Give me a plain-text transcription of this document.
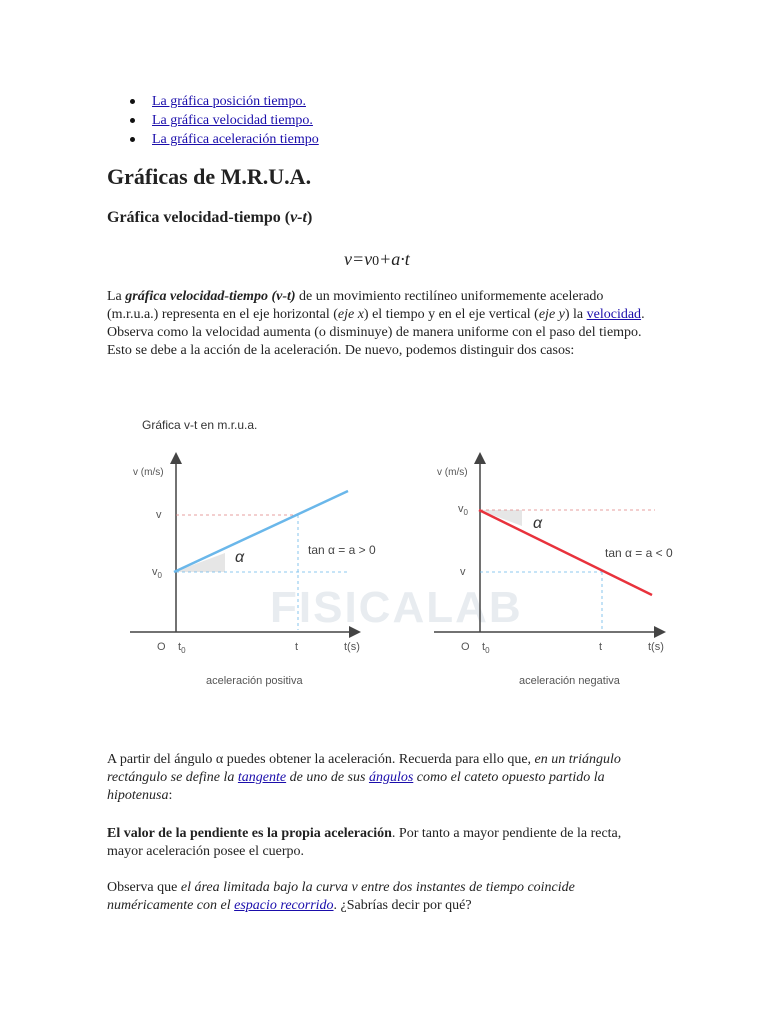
La gráfica posición tiempo.
La gráfica velocidad tiempo.
La gráfica aceleración tiempo
Gráficas de M.R.U.A.
Gráfica velocidad-tiempo (v-t)
v=v0+a·t

La gráfica velocidad-tiempo (v-t) de un movimiento rectilíneo uniformemente acelerado (m.r.u.a.) representa en el eje horizontal (eje x) el tiempo y en el eje vertical (eje y) la velocidad. Observa como la velocidad aumenta (o disminuye) de manera uniforme con el paso del tiempo. Esto se debe a la acción de la aceleración. De nuevo, podemos distinguir dos casos:

Gráfica v-t en m.r.u.a.
FISICALAB
v (m/s)
v
$v_0$
α	tan α = a > 0
O $t_0$	t	t(s)
aceleración positiva
v (m/s)
$v_0$
v
α
tan α = a < 0
O $t_0$	t	t(s)
aceleración negativa

A partir del ángulo α puedes obtener la aceleración. Recuerda para ello que, en un triángulo rectángulo se define la tangente de uno de sus ángulos como el cateto opuesto partido la hipotenusa:

El valor de la pendiente es la propia aceleración. Por tanto a mayor pendiente de la recta, mayor aceleración posee el cuerpo.

Observa que el área limitada bajo la curva v entre dos instantes de tiempo coincide numéricamente con el espacio recorrido. ¿Sabrías decir por qué?
